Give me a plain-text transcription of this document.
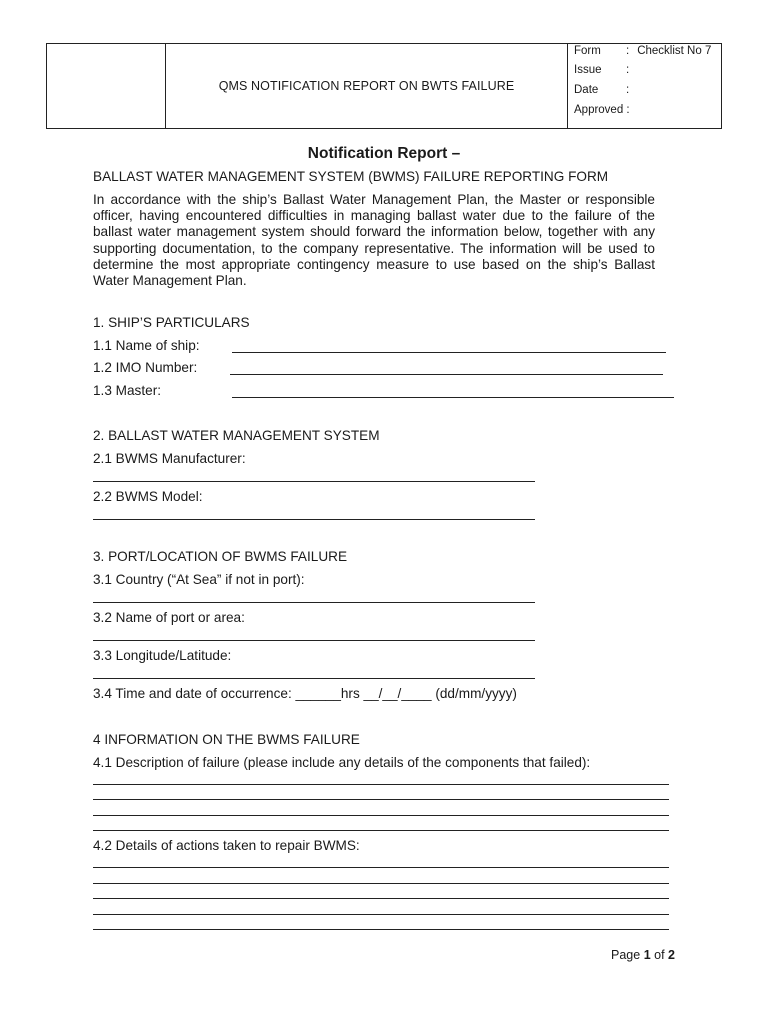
QMS NOTIFICATION REPORT ON BWTS FAILURE
Form : Checklist No 7
Issue :
Date :
Approved :
Notification Report –
BALLAST WATER MANAGEMENT SYSTEM (BWMS) FAILURE REPORTING FORM
In accordance with the ship’s Ballast Water Management Plan, the Master or responsible officer, having encountered difficulties in managing ballast water due to the failure of the ballast water management system should forward the information below, together with any supporting documentation, to the company representative. The information will be used to determine the most appropriate contingency measure to use based on the ship’s Ballast Water Management Plan.
1. SHIP’S PARTICULARS
1.1 Name of ship:
1.2 IMO Number:
1.3 Master:
2. BALLAST WATER MANAGEMENT SYSTEM
2.1 BWMS Manufacturer:
2.2 BWMS Model:
3. PORT/LOCATION OF BWMS FAILURE
3.1 Country (“At Sea” if not in port):
3.2 Name of port or area:
3.3 Longitude/Latitude:
3.4 Time and date of occurrence: ______hrs __/__/____ (dd/mm/yyyy)
4 INFORMATION ON THE BWMS FAILURE
4.1 Description of failure (please include any details of the components that failed):
4.2 Details of actions taken to repair BWMS:
Page 1 of 2
